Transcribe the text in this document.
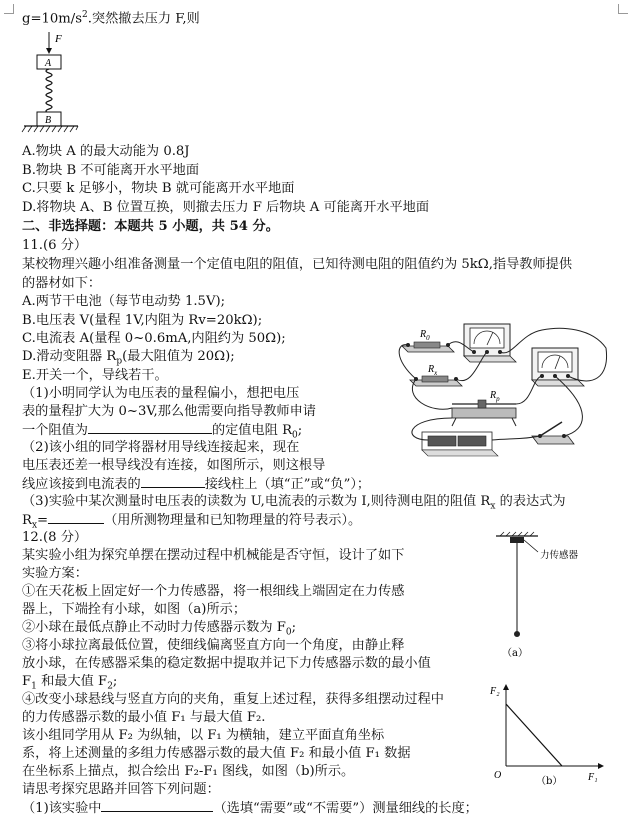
$g=10m/s^2$.突然撤去压力 F,则
F
A
B
A.物块 A 的最大动能为 0.8J
B.物块 B 不可能离开水平地面
C.只要 k 足够小，物块 B 就可能离开水平地面
D.将物块 A、B 位置互换，则撤去压力 F 后物块 A 可能离开水平地面
二、非选择题：本题共 5 小题，共 54 分。
11.(6 分）
某校物理兴趣小组准备测量一个定值电阻的阻值，已知待测电阻的阻值约为 5kΩ,指导教师提供
的器材如下：
A.两节干电池（每节电动势 1.5V);
B.电压表 V(量程 1V,内阻为 Rv=20kΩ);
C.电流表 A(量程 0~0.6mA,内阻约为 50Ω);
D.滑动变阻器 $R_p$(最大阻值为 20Ω);
E.开关一个，导线若干。
（1)小明同学认为电压表的量程偏小，想把电压
表的量程扩大为 0~3V,那么他需要向指导教师申请
一个阻值为	的定值电阻 $R_0$;
（2)该小组的同学将器材用导线连接起来，现在
电压表还差一根导线没有连接，如图所示，则这根导
线应该接到电流表的	接线柱上（填“正”或“负”）；
（3)实验中某次测量时电压表的读数为 U,电流表的示数为 I,则待测电阻的阻值 $R_x$ 的表达式为
$R_x=$	（用所测物理量和已知物理量的符号表示）。
$R_0$
$R_x$
$R_p$
12.(8 分）
某实验小组为探究单摆在摆动过程中机械能是否守恒，设计了如下
实验方案：
①在天花板上固定好一个力传感器，将一根细线上端固定在力传感
器上，下端拴有小球，如图（a)所示；
②小球在最低点静止不动时力传感器示数为 $F_0$;
③将小球拉离最低位置，使细线偏离竖直方向一个角度，由静止释
放小球，在传感器采集的稳定数据中提取并记下力传感器示数的最小值
$F_1$ 和最大值 $F_2$;
④改变小球悬线与竖直方向的夹角，重复上述过程，获得多组摆动过程中
的力传感器示数的最小值 F₁ 与最大值 F₂.
该小组同学用从 F₂ 为纵轴，以 F₁ 为横轴，建立平面直角坐标
系，将上述测量的多组力传感器示数的最大值 F₂ 和最小值 F₁ 数据
在坐标系上描点，拟合绘出 F₂-F₁ 图线，如图（b)所示。
请思考探究思路并回答下列问题：
（1)该实验中	（选填“需要”或“不需要”）测量细线的长度；
力传感器
（a）
F₂
F₁
O
（b）
